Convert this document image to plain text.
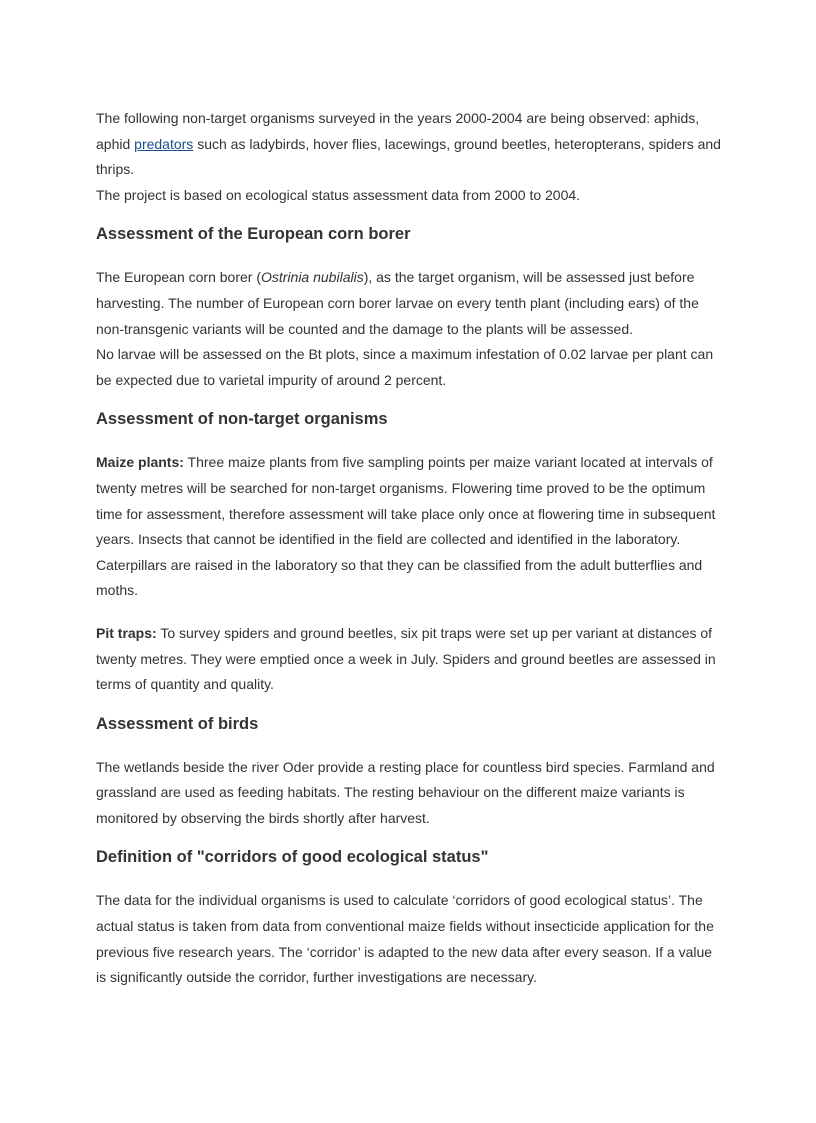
The following non-target organisms surveyed in the years 2000-2004 are being observed: aphids, aphid predators such as ladybirds, hover flies, lacewings, ground beetles, heteropterans, spiders and thrips.

The project is based on ecological status assessment data from 2000 to 2004.

Assessment of the European corn borer

The European corn borer (Ostrinia nubilalis), as the target organism, will be assessed just before harvesting. The number of European corn borer larvae on every tenth plant (including ears) of the non-transgenic variants will be counted and the damage to the plants will be assessed.

No larvae will be assessed on the Bt plots, since a maximum infestation of 0.02 larvae per plant can be expected due to varietal impurity of around 2 percent.

Assessment of non-target organisms

Maize plants: Three maize plants from five sampling points per maize variant located at intervals of twenty metres will be searched for non-target organisms. Flowering time proved to be the optimum time for assessment, therefore assessment will take place only once at flowering time in subsequent years. Insects that cannot be identified in the field are collected and identified in the laboratory. Caterpillars are raised in the laboratory so that they can be classified from the adult butterflies and moths.

Pit traps: To survey spiders and ground beetles, six pit traps were set up per variant at distances of twenty metres. They were emptied once a week in July. Spiders and ground beetles are assessed in terms of quantity and quality.

Assessment of birds

The wetlands beside the river Oder provide a resting place for countless bird species. Farmland and grassland are used as feeding habitats. The resting behaviour on the different maize variants is monitored by observing the birds shortly after harvest.

Definition of "corridors of good ecological status"

The data for the individual organisms is used to calculate ‘corridors of good ecological status’. The actual status is taken from data from conventional maize fields without insecticide application for the previous five research years. The ‘corridor’ is adapted to the new data after every season. If a value is significantly outside the corridor, further investigations are necessary.
